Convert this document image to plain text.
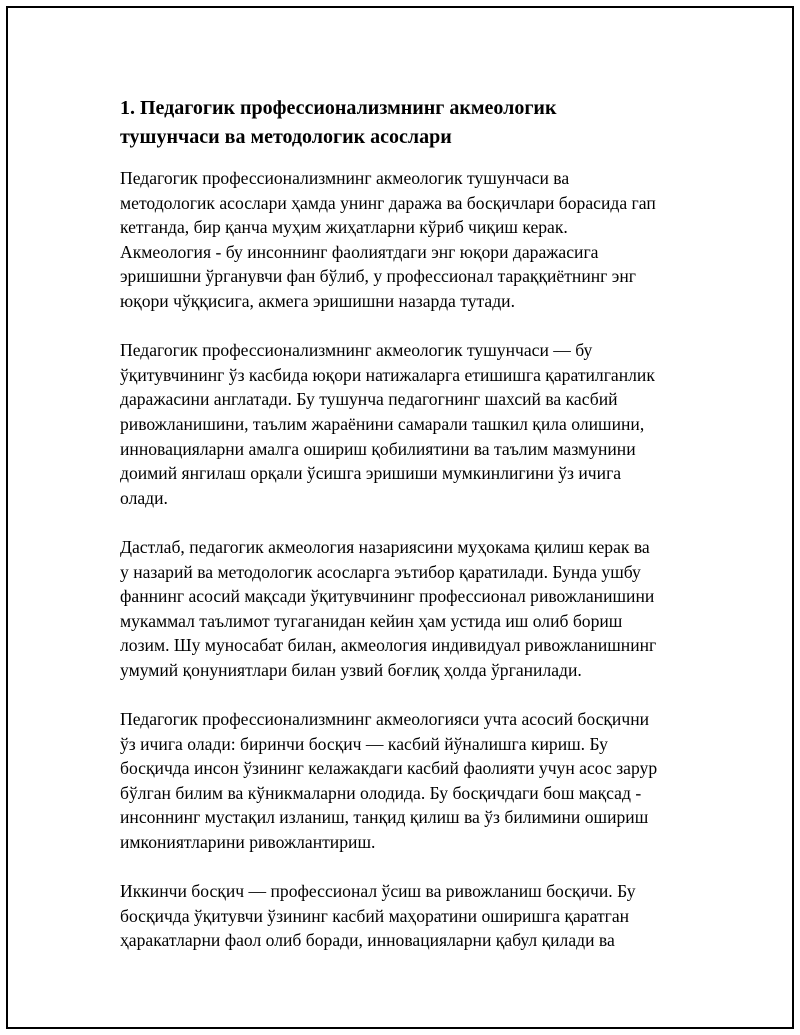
1. Педагогик профессионализмнинг акмеологик
тушунчаси ва методологик асослари

Педагогик профессионализмнинг акмеологик тушунчаси ва
методологик асослари ҳамда унинг даража ва босқичлари борасида гап
кетганда, бир қанча муҳим жиҳатларни кўриб чиқиш керак.
Акмеология - бу инсоннинг фаолиятдаги энг юқори даражасига
эришишни ўрганувчи фан бўлиб, у профессионал тараққиётнинг энг
юқори чўққисига, акмега эришишни назарда тутади.

Педагогик профессионализмнинг акмеологик тушунчаси — бу
ўқитувчининг ўз касбида юқори натижаларга етишишга қаратилганлик
даражасини англатади. Бу тушунча педагогнинг шахсий ва касбий
ривожланишини, таълим жараёнини самарали ташкил қила олишини,
инновацияларни амалга ошириш қобилиятини ва таълим мазмунини
доимий янгилаш орқали ўсишга эришиши мумкинлигини ўз ичига
олади.

Дастлаб, педагогик акмеология назариясини муҳокама қилиш керак ва
у назарий ва методологик асосларга эътибор қаратилади. Бунда ушбу
фаннинг асосий мақсади ўқитувчининг профессионал ривожланишини
мукаммал таълимот тугаганидан кейин ҳам устида иш олиб бориш
лозим. Шу муносабат билан, акмеология индивидуал ривожланишнинг
умумий қонуниятлари билан узвий боғлиқ ҳолда ўрганилади.

Педагогик профессионализмнинг акмеологияси учта асосий босқични
ўз ичига олади: биринчи босқич — касбий йўналишга кириш. Бу
босқичда инсон ўзининг келажакдаги касбий фаолияти учун асос зарур
бўлган билим ва кўникмаларни олодида. Бу босқичдаги бош мақсад -
инсоннинг мустақил изланиш, танқид қилиш ва ўз билимини ошириш
имкониятларини ривожлантириш.

Иккинчи босқич — профессионал ўсиш ва ривожланиш босқичи. Бу
босқичда ўқитувчи ўзининг касбий маҳоратини оширишга қаратган
ҳаракатларни фаол олиб боради, инновацияларни қабул қилади ва
